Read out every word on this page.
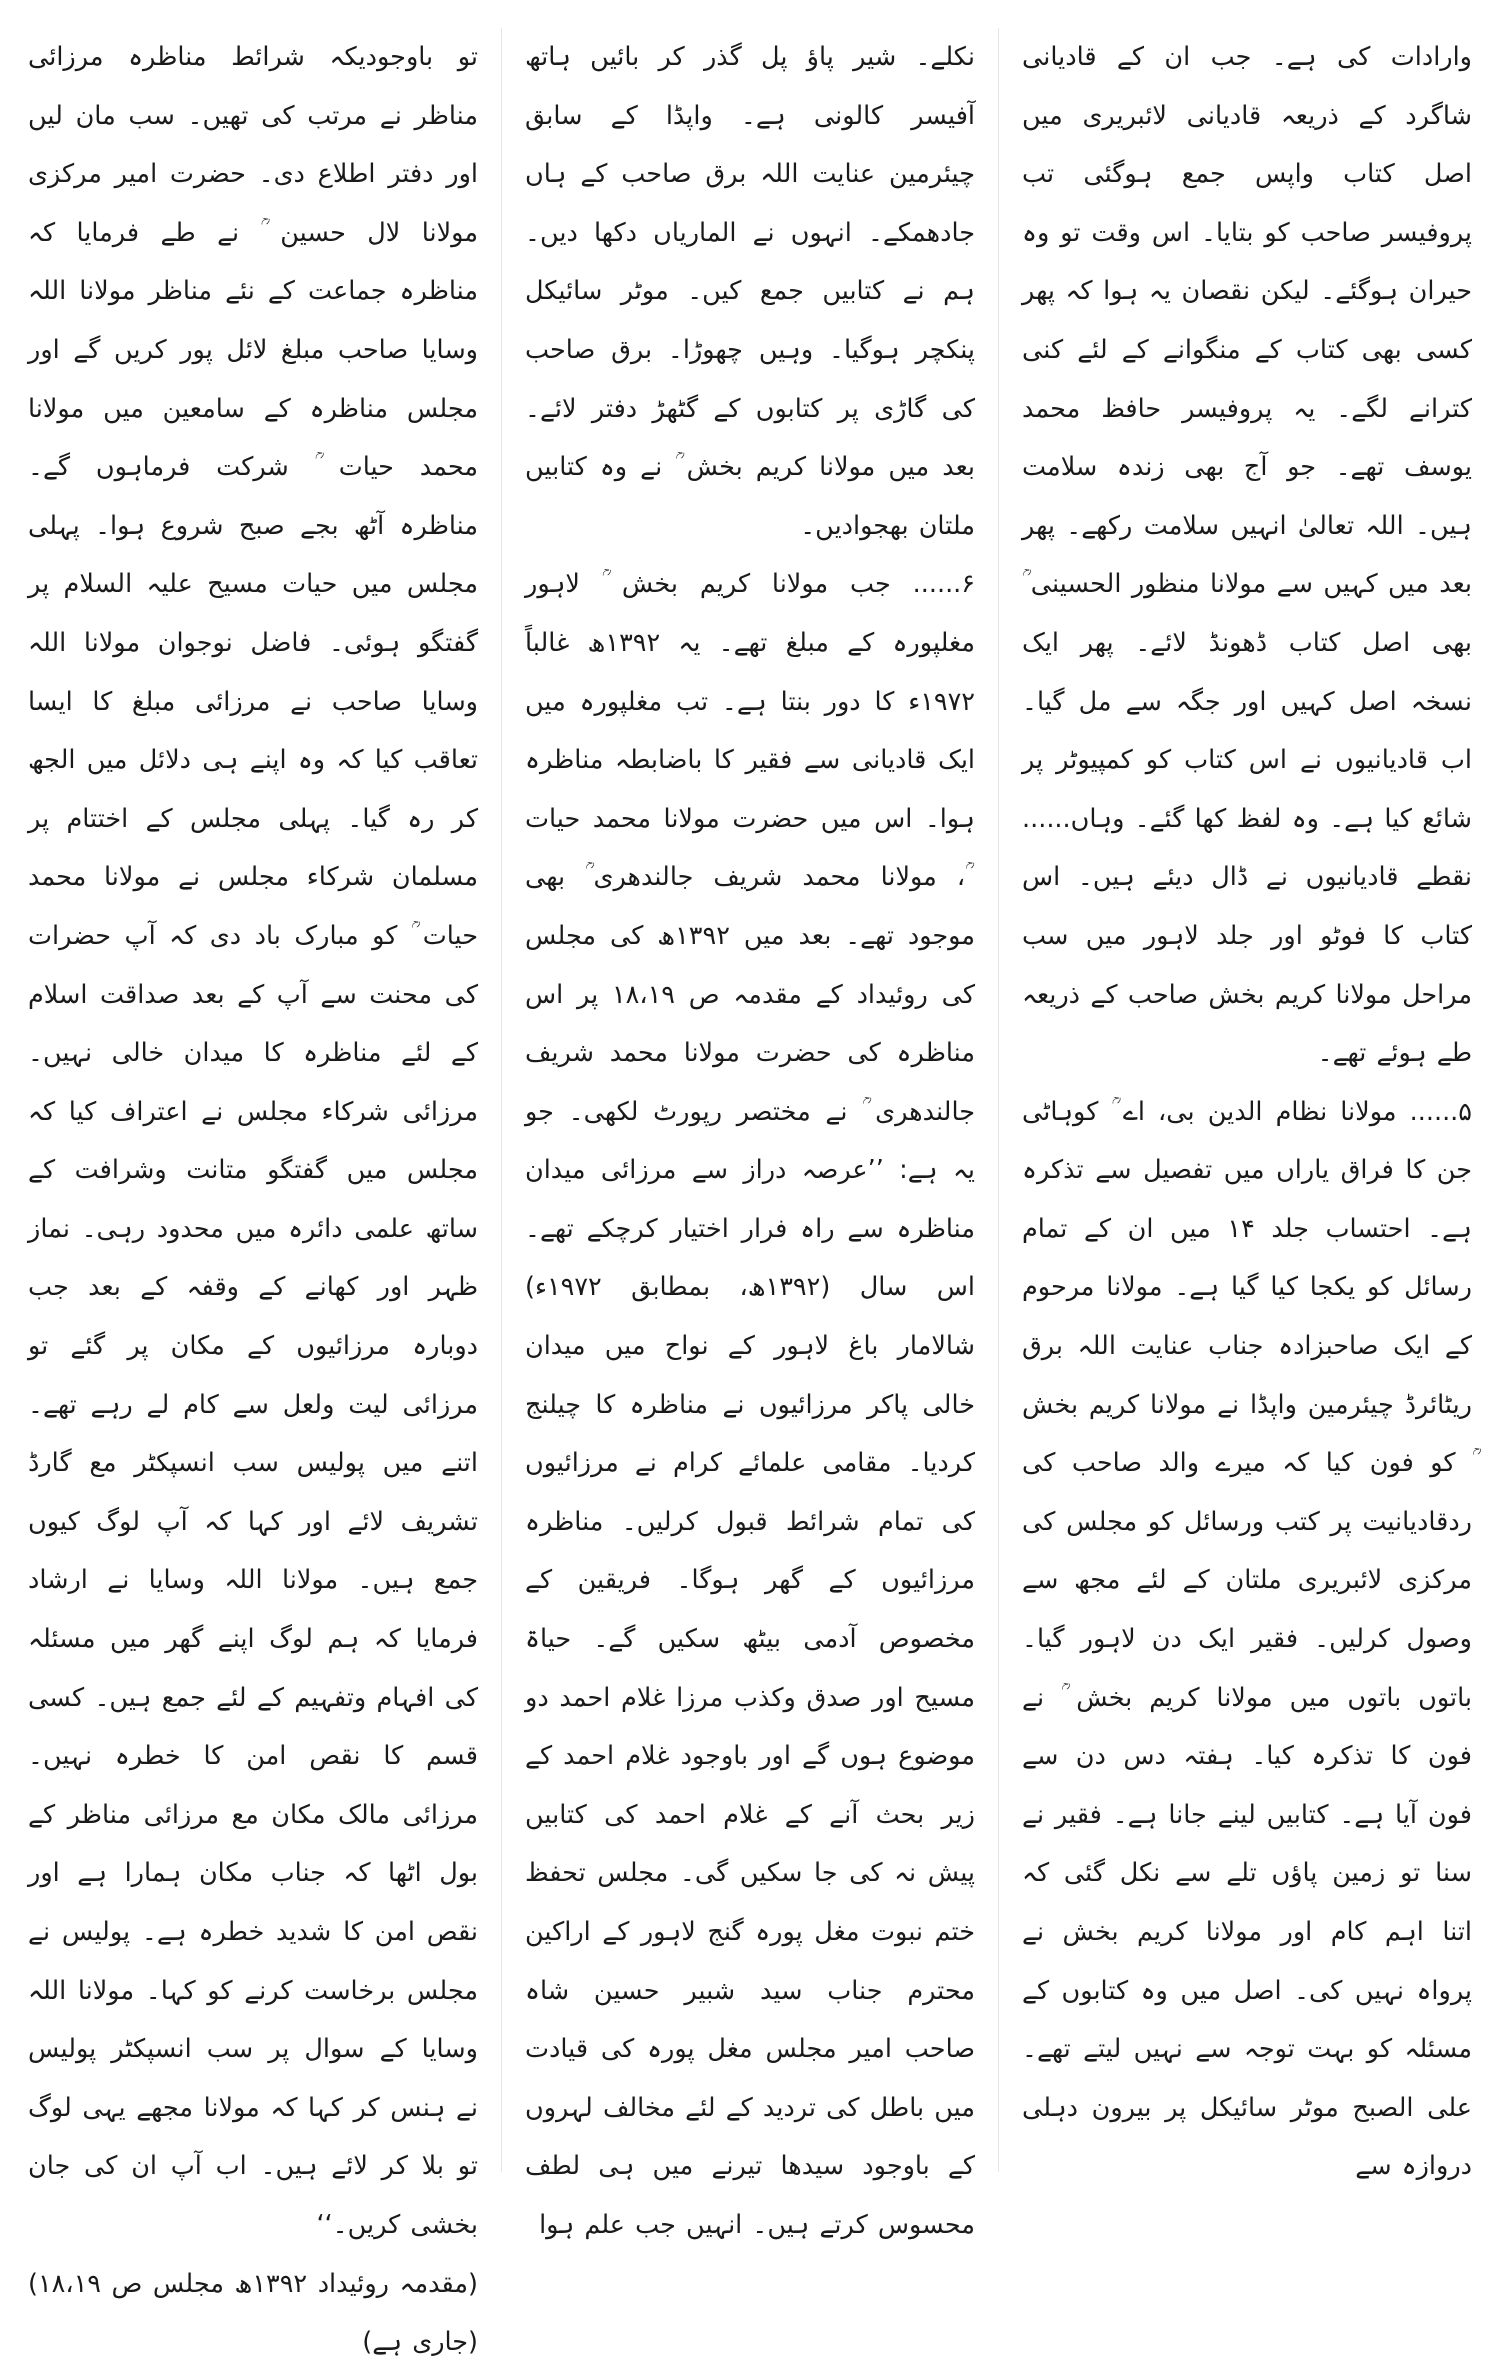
وارادات کی ہے۔ جب ان کے قادیانی شاگرد کے ذریعہ قادیانی لائبریری میں اصل کتاب واپس جمع ہوگئی تب پروفیسر صاحب کو بتایا۔ اس وقت تو وہ حیران ہوگئے۔ لیکن نقصان یہ ہوا کہ پھر کسی بھی کتاب کے منگوانے کے لئے کنی کترانے لگے۔ یہ پروفیسر حافظ محمد یوسف تھے۔ جو آج بھی زندہ سلامت ہیں۔ اللہ تعالیٰ انہیں سلامت رکھے۔ پھر بعد میں کہیں سے مولانا منظور الحسینی ؒ بھی اصل کتاب ڈھونڈ لائے۔ پھر ایک نسخہ اصل کہیں اور جگہ سے مل گیا۔ اب قادیانیوں نے اس کتاب کو کمپیوٹر پر شائع کیا ہے۔ وہ لفظ کھا گئے۔ وہاں...... نقطے قادیانیوں نے ڈال دیئے ہیں۔ اس کتاب کا فوٹو اور جلد لاہور میں سب مراحل مولانا کریم بخش صاحب کے ذریعہ طے ہوئے تھے۔

۵...... مولانا نظام الدین بی، اے ؒ کوہاٹی جن کا فراق یاراں میں تفصیل سے تذکرہ ہے۔ احتساب جلد ۱۴ میں ان کے تمام رسائل کو یکجا کیا گیا ہے۔ مولانا مرحوم کے ایک صاحبزادہ جناب عنایت اللہ برق ریٹائرڈ چیئرمین واپڈا نے مولانا کریم بخش ؒ کو فون کیا کہ میرے والد صاحب کی ردقادیانیت پر کتب ورسائل کو مجلس کی مرکزی لائبریری ملتان کے لئے مجھ سے وصول کرلیں۔ فقیر ایک دن لاہور گیا۔ باتوں باتوں میں مولانا کریم بخش ؒ نے فون کا تذکرہ کیا۔ ہفتہ دس دن سے فون آیا ہے۔ کتابیں لینے جانا ہے۔ فقیر نے سنا تو زمین پاؤں تلے سے نکل گئی کہ اتنا اہم کام اور مولانا کریم بخش نے پرواہ نہیں کی۔ اصل میں وہ کتابوں کے مسئلہ کو بہت توجہ سے نہیں لیتے تھے۔ علی الصبح موٹر سائیکل پر بیرون دہلی دروازہ سے

نکلے۔ شیر پاؤ پل گذر کر بائیں ہاتھ آفیسر کالونی ہے۔ واپڈا کے سابق چیئرمین عنایت اللہ برق صاحب کے ہاں جادھمکے۔ انہوں نے الماریاں دکھا دیں۔ ہم نے کتابیں جمع کیں۔ موٹر سائیکل پنکچر ہوگیا۔ وہیں چھوڑا۔ برق صاحب کی گاڑی پر کتابوں کے گٹھڑ دفتر لائے۔ بعد میں مولانا کریم بخش ؒ نے وہ کتابیں ملتان بھجوادیں۔

۶...... جب مولانا کریم بخش ؒ لاہور مغلپورہ کے مبلغ تھے۔ یہ ۱۳۹۲ھ غالباً ۱۹۷۲ء کا دور بنتا ہے۔ تب مغلپورہ میں ایک قادیانی سے فقیر کا باضابطہ مناظرہ ہوا۔ اس میں حضرت مولانا محمد حیات ؒ، مولانا محمد شریف جالندھری ؒ بھی موجود تھے۔ بعد میں ۱۳۹۲ھ کی مجلس کی روئیداد کے مقدمہ ص ۱۸،۱۹ پر اس مناظرہ کی حضرت مولانا محمد شریف جالندھری ؒ نے مختصر رپورٹ لکھی۔ جو یہ ہے: ’’عرصہ دراز سے مرزائی میدان مناظرہ سے راہ فرار اختیار کرچکے تھے۔ اس سال (۱۳۹۲ھ، بمطابق ۱۹۷۲ء) شالامار باغ لاہور کے نواح میں میدان خالی پاکر مرزائیوں نے مناظرہ کا چیلنج کردیا۔ مقامی علمائے کرام نے مرزائیوں کی تمام شرائط قبول کرلیں۔ مناظرہ مرزائیوں کے گھر ہوگا۔ فریقین کے مخصوص آدمی بیٹھ سکیں گے۔ حیاۃ مسیح اور صدق وکذب مرزا غلام احمد دو موضوع ہوں گے اور باوجود غلام احمد کے زیر بحث آنے کے غلام احمد کی کتابیں پیش نہ کی جا سکیں گی۔ مجلس تحفظ ختم نبوت مغل پورہ گنج لاہور کے اراکین محترم جناب سید شبیر حسین شاہ صاحب امیر مجلس مغل پورہ کی قیادت میں باطل کی تردید کے لئے مخالف لہروں کے باوجود سیدھا تیرنے میں ہی لطف محسوس کرتے ہیں۔ انہیں جب علم ہوا

تو باوجودیکہ شرائط مناظرہ مرزائی مناظر نے مرتب کی تھیں۔ سب مان لیں اور دفتر اطلاع دی۔ حضرت امیر مرکزی مولانا لال حسین ؒ نے طے فرمایا کہ مناظرہ جماعت کے نئے مناظر مولانا اللہ وسایا صاحب مبلغ لائل پور کریں گے اور مجلس مناظرہ کے سامعین میں مولانا محمد حیات ؒ شرکت فرماہوں گے۔ مناظرہ آٹھ بجے صبح شروع ہوا۔ پہلی مجلس میں حیات مسیح علیہ السلام پر گفتگو ہوئی۔ فاضل نوجوان مولانا اللہ وسایا صاحب نے مرزائی مبلغ کا ایسا تعاقب کیا کہ وہ اپنے ہی دلائل میں الجھ کر رہ گیا۔ پہلی مجلس کے اختتام پر مسلمان شرکاء مجلس نے مولانا محمد حیات ؒ کو مبارک باد دی کہ آپ حضرات کی محنت سے آپ کے بعد صداقت اسلام کے لئے مناظرہ کا میدان خالی نہیں۔ مرزائی شرکاء مجلس نے اعتراف کیا کہ مجلس میں گفتگو متانت وشرافت کے ساتھ علمی دائرہ میں محدود رہی۔ نماز ظہر اور کھانے کے وقفہ کے بعد جب دوبارہ مرزائیوں کے مکان پر گئے تو مرزائی لیت ولعل سے کام لے رہے تھے۔ اتنے میں پولیس سب انسپکٹر مع گارڈ تشریف لائے اور کہا کہ آپ لوگ کیوں جمع ہیں۔ مولانا اللہ وسایا نے ارشاد فرمایا کہ ہم لوگ اپنے گھر میں مسئلہ کی افہام وتفہیم کے لئے جمع ہیں۔ کسی قسم کا نقص امن کا خطرہ نہیں۔ مرزائی مالک مکان مع مرزائی مناظر کے بول اٹھا کہ جناب مکان ہمارا ہے اور نقص امن کا شدید خطرہ ہے۔ پولیس نے مجلس برخاست کرنے کو کہا۔ مولانا اللہ وسایا کے سوال پر سب انسپکٹر پولیس نے ہنس کر کہا کہ مولانا مجھے یہی لوگ تو بلا کر لائے ہیں۔ اب آپ ان کی جان بخشی کریں۔‘‘

(مقدمہ روئیداد ۱۳۹۲ھ مجلس ص ۱۸،۱۹) (جاری ہے)
